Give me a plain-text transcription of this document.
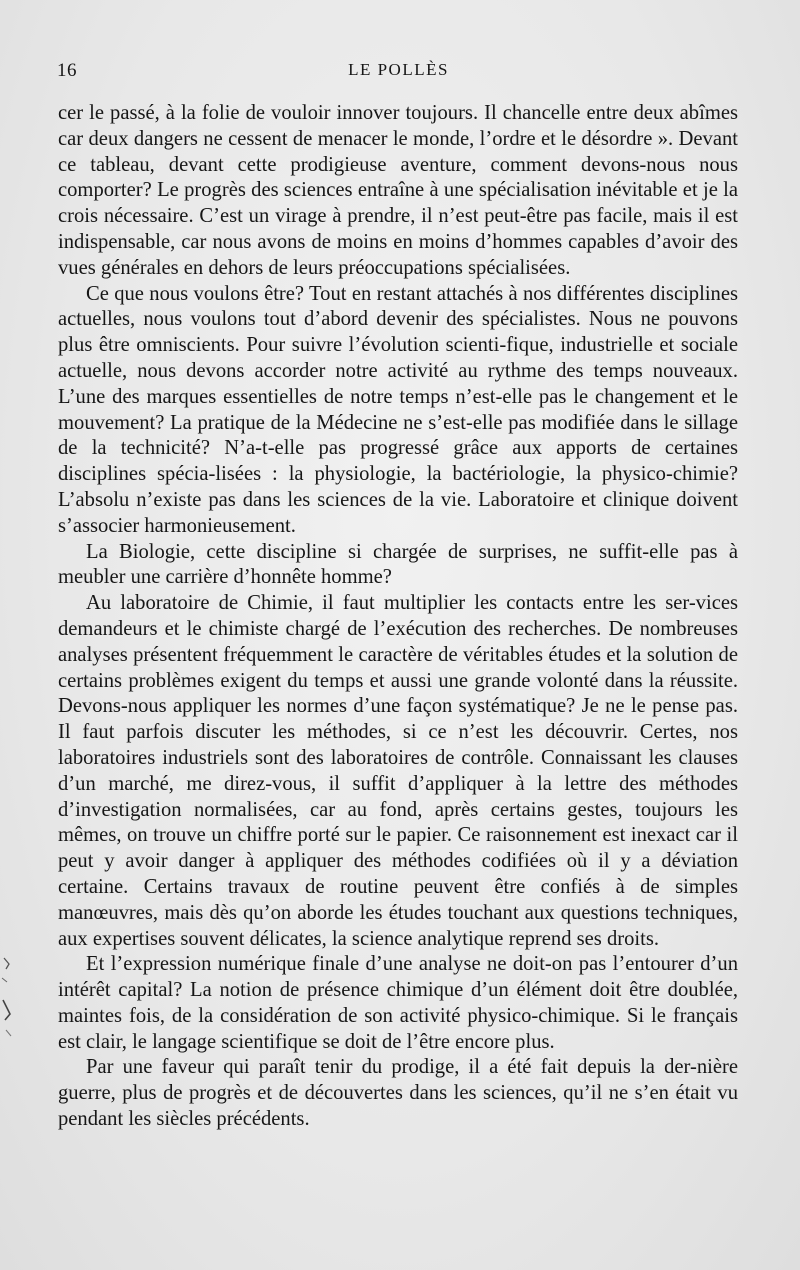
16	LE POLLÈS

cer le passé, à la folie de vouloir innover toujours. Il chancelle entre deux abîmes car deux dangers ne cessent de menacer le monde, l’ordre et le désordre ». Devant ce tableau, devant cette prodigieuse aventure, comment devons-nous nous comporter? Le progrès des sciences entraîne à une spécialisation inévitable et je la crois nécessaire. C’est un virage à prendre, il n’est peut-être pas facile, mais il est indispensable, car nous avons de moins en moins d’hommes capables d’avoir des vues générales en dehors de leurs préoccupations spécialisées.

Ce que nous voulons être? Tout en restant attachés à nos différentes disciplines actuelles, nous voulons tout d’abord devenir des spécialistes. Nous ne pouvons plus être omniscients. Pour suivre l’évolution scienti-fique, industrielle et sociale actuelle, nous devons accorder notre activité au rythme des temps nouveaux. L’une des marques essentielles de notre temps n’est-elle pas le changement et le mouvement? La pratique de la Médecine ne s’est-elle pas modifiée dans le sillage de la technicité? N’a-t-elle pas progressé grâce aux apports de certaines disciplines spécia-lisées : la physiologie, la bactériologie, la physico-chimie? L’absolu n’existe pas dans les sciences de la vie. Laboratoire et clinique doivent s’associer harmonieusement.

La Biologie, cette discipline si chargée de surprises, ne suffit-elle pas à meubler une carrière d’honnête homme?

Au laboratoire de Chimie, il faut multiplier les contacts entre les ser-vices demandeurs et le chimiste chargé de l’exécution des recherches. De nombreuses analyses présentent fréquemment le caractère de véritables études et la solution de certains problèmes exigent du temps et aussi une grande volonté dans la réussite. Devons-nous appliquer les normes d’une façon systématique? Je ne le pense pas. Il faut parfois discuter les méthodes, si ce n’est les découvrir. Certes, nos laboratoires industriels sont des laboratoires de contrôle. Connaissant les clauses d’un marché, me direz-vous, il suffit d’appliquer à la lettre des méthodes d’investigation normalisées, car au fond, après certains gestes, toujours les mêmes, on trouve un chiffre porté sur le papier. Ce raisonnement est inexact car il peut y avoir danger à appliquer des méthodes codifiées où il y a déviation certaine. Certains travaux de routine peuvent être confiés à de simples manœuvres, mais dès qu’on aborde les études touchant aux questions techniques, aux expertises souvent délicates, la science analytique reprend ses droits.

Et l’expression numérique finale d’une analyse ne doit-on pas l’entourer d’un intérêt capital? La notion de présence chimique d’un élément doit être doublée, maintes fois, de la considération de son activité physico-chimique. Si le français est clair, le langage scientifique se doit de l’être encore plus.

Par une faveur qui paraît tenir du prodige, il a été fait depuis la der-nière guerre, plus de progrès et de découvertes dans les sciences, qu’il ne s’en était vu pendant les siècles précédents.
